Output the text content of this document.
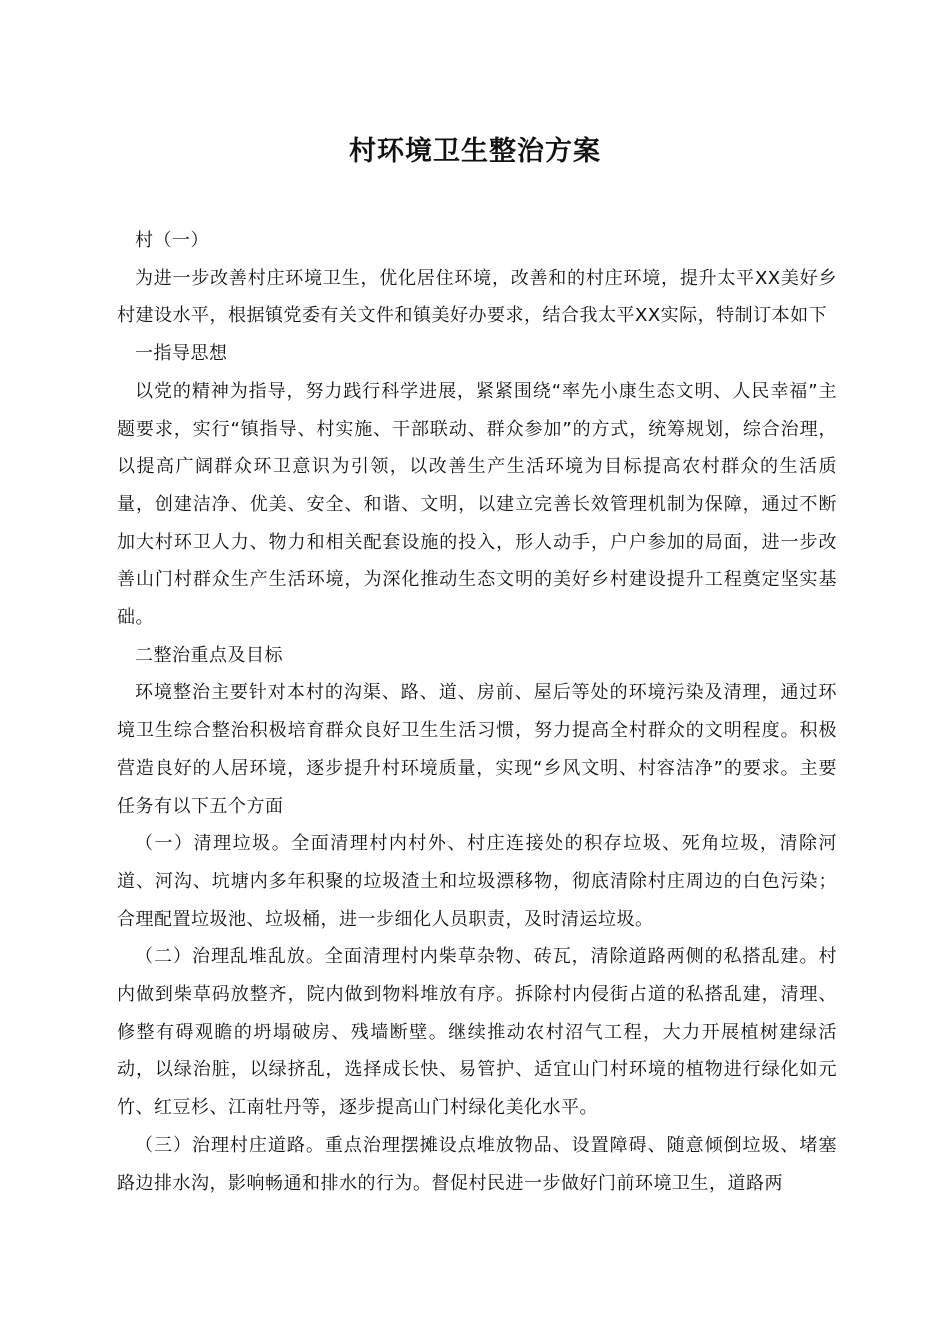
村环境卫生整治方案

村（一）

为进一步改善村庄环境卫生，优化居住环境，改善和的村庄环境，提升太平XX美好乡村建设水平，根据镇党委有关文件和镇美好办要求，结合我太平XX实际，特制订本如下

一指导思想

以党的精神为指导，努力践行科学进展，紧紧围绕“率先小康生态文明、人民幸福”主题要求，实行“镇指导、村实施、干部联动、群众参加”的方式，统筹规划，综合治理，以提高广阔群众环卫意识为引领，以改善生产生活环境为目标提高农村群众的生活质量，创建洁净、优美、安全、和谐、文明，以建立完善长效管理机制为保障，通过不断加大村环卫人力、物力和相关配套设施的投入，形人动手，户户参加的局面，进一步改善山门村群众生产生活环境，为深化推动生态文明的美好乡村建设提升工程奠定坚实基础。

二整治重点及目标

环境整治主要针对本村的沟渠、路、道、房前、屋后等处的环境污染及清理，通过环境卫生综合整治积极培育群众良好卫生生活习惯，努力提高全村群众的文明程度。积极营造良好的人居环境，逐步提升村环境质量，实现“乡风文明、村容洁净”的要求。主要任务有以下五个方面

（一）清理垃圾。全面清理村内村外、村庄连接处的积存垃圾、死角垃圾，清除河道、河沟、坑塘内多年积聚的垃圾渣土和垃圾漂移物，彻底清除村庄周边的白色污染；合理配置垃圾池、垃圾桶，进一步细化人员职责，及时清运垃圾。

（二）治理乱堆乱放。全面清理村内柴草杂物、砖瓦，清除道路两侧的私搭乱建。村内做到柴草码放整齐，院内做到物料堆放有序。拆除村内侵街占道的私搭乱建，清理、修整有碍观瞻的坍塌破房、残墙断壁。继续推动农村沼气工程，大力开展植树建绿活动，以绿治脏，以绿挤乱，选择成长快、易管护、适宜山门村环境的植物进行绿化如元竹、红豆杉、江南牡丹等，逐步提高山门村绿化美化水平。

（三）治理村庄道路。重点治理摆摊设点堆放物品、设置障碍、随意倾倒垃圾、堵塞路边排水沟，影响畅通和排水的行为。督促村民进一步做好门前环境卫生，道路两
